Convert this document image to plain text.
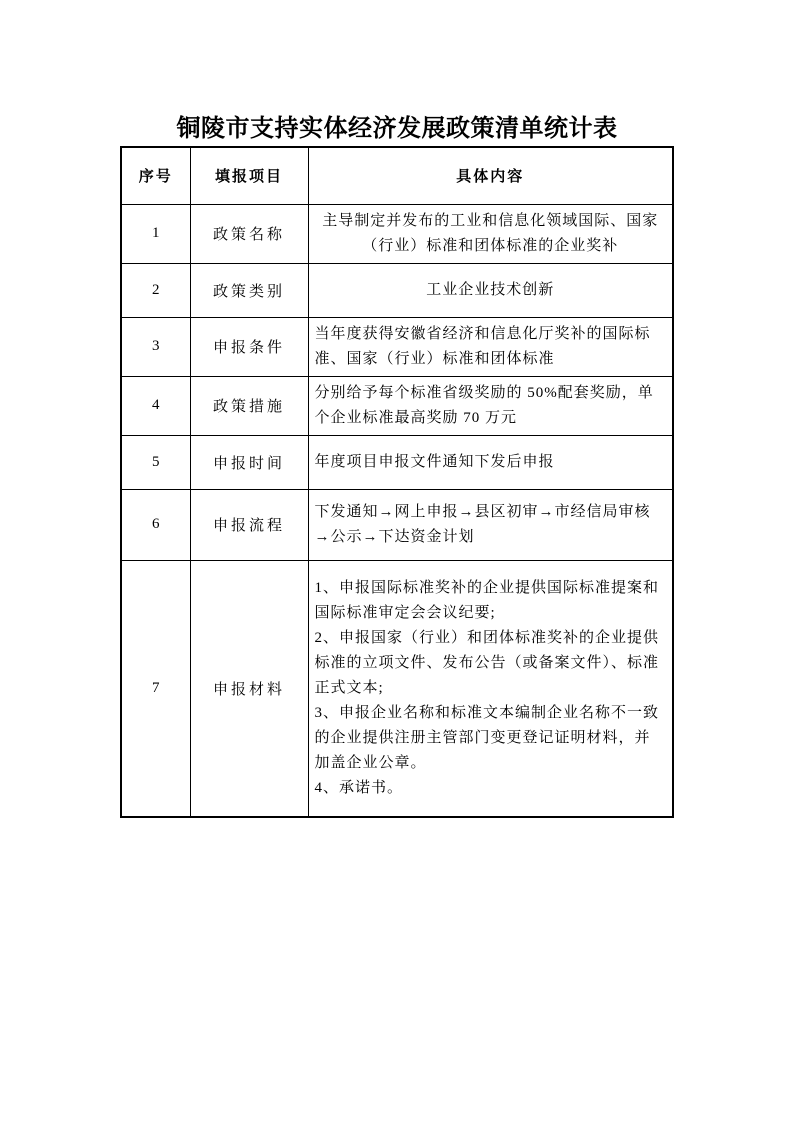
铜陵市支持实体经济发展政策清单统计表
序号	填报项目	具体内容
1	政策名称	主导制定并发布的工业和信息化领域国际、国家（行业）标准和团体标准的企业奖补

2	政策类别	工业企业技术创新

3	申报条件	当年度获得安徽省经济和信息化厅奖补的国际标准、国家（行业）标准和团体标准

4	政策措施	分别给予每个标准省级奖励的 50%配套奖励，单个企业标准最高奖励 70 万元

5	申报时间	年度项目申报文件通知下发后申报

6	申报流程	下发通知→网上申报→县区初审→市经信局审核→公示→下达资金计划

7	申报材料	1、申报国际标准奖补的企业提供国际标准提案和国际标准审定会会议纪要;
2、申报国家（行业）和团体标准奖补的企业提供标准的立项文件、发布公告（或备案文件）、标准正式文本;
3、申报企业名称和标准文本编制企业名称不一致的企业提供注册主管部门变更登记证明材料，并加盖企业公章。
4、承诺书。
